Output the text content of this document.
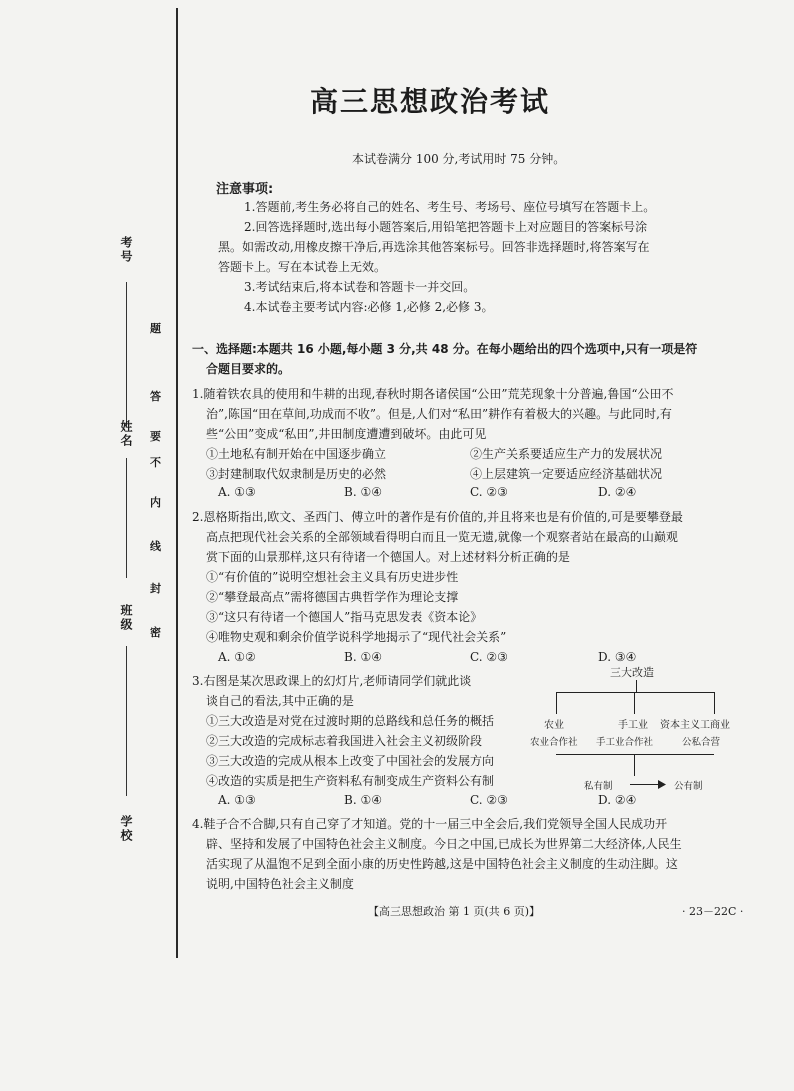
考号
姓名
班级
学校
题
答
要
不
内
线
封
密
高三思想政治考试
本试卷满分 100 分,考试用时 75 分钟。
注意事项:
1.答题前,考生务必将自己的姓名、考生号、考场号、座位号填写在答题卡上。
2.回答选择题时,选出每小题答案后,用铅笔把答题卡上对应题目的答案标号涂
黑。如需改动,用橡皮擦干净后,再选涂其他答案标号。回答非选择题时,将答案写在
答题卡上。写在本试卷上无效。
3.考试结束后,将本试卷和答题卡一并交回。
4.本试卷主要考试内容:必修 1,必修 2,必修 3。
一、选择题:本题共 16 小题,每小题 3 分,共 48 分。在每小题给出的四个选项中,只有一项是符
合题目要求的。
1.随着铁农具的使用和牛耕的出现,春秋时期各诸侯国“公田”荒芜现象十分普遍,鲁国“公田不
治”,陈国“田在草间,功成而不收”。但是,人们对“私田”耕作有着极大的兴趣。与此同时,有
些“公田”变成“私田”,井田制度遭遭到破坏。由此可见
①土地私有制开始在中国逐步确立	②生产关系要适应生产力的发展状况
③封建制取代奴隶制是历史的必然	④上层建筑一定要适应经济基础状况
A. ①③	B. ①④	C. ②③	D. ②④
2.恩格斯指出,欧文、圣西门、傅立叶的著作是有价值的,并且将来也是有价值的,可是要攀登最
高点把现代社会关系的全部领域看得明白而且一览无遗,就像一个观察者站在最高的山巅观
赏下面的山景那样,这只有待诸一个德国人。对上述材料分析正确的是
①“有价值的”说明空想社会主义具有历史进步性
②“攀登最高点”需将德国古典哲学作为理论支撑
③“这只有待诸一个德国人”指马克思发表《资本论》
④唯物史观和剩余价值学说科学地揭示了“现代社会关系”
A. ①②	B. ①④	C. ②③	D. ③④
3.右图是某次思政课上的幻灯片,老师请同学们就此谈
谈自己的看法,其中正确的是
①三大改造是对党在过渡时期的总路线和总任务的概括
②三大改造的完成标志着我国进入社会主义初级阶段
③三大改造的完成从根本上改变了中国社会的发展方向
④改造的实质是把生产资料私有制变成生产资料公有制
A. ①③	B. ①④	C. ②③	D. ②④
三大改造
农业	手工业 资本主义工商业
农业合作社 手工业合作社	公私合营
私有制	公有制
4.鞋子合不合脚,只有自己穿了才知道。党的十一届三中全会后,我们党领导全国人民成功开
辟、坚持和发展了中国特色社会主义制度。今日之中国,已成长为世界第二大经济体,人民生
活实现了从温饱不足到全面小康的历史性跨越,这是中国特色社会主义制度的生动注脚。这
说明,中国特色社会主义制度
【高三思想政治 第 1 页(共 6 页)】	· 23－22C ·
